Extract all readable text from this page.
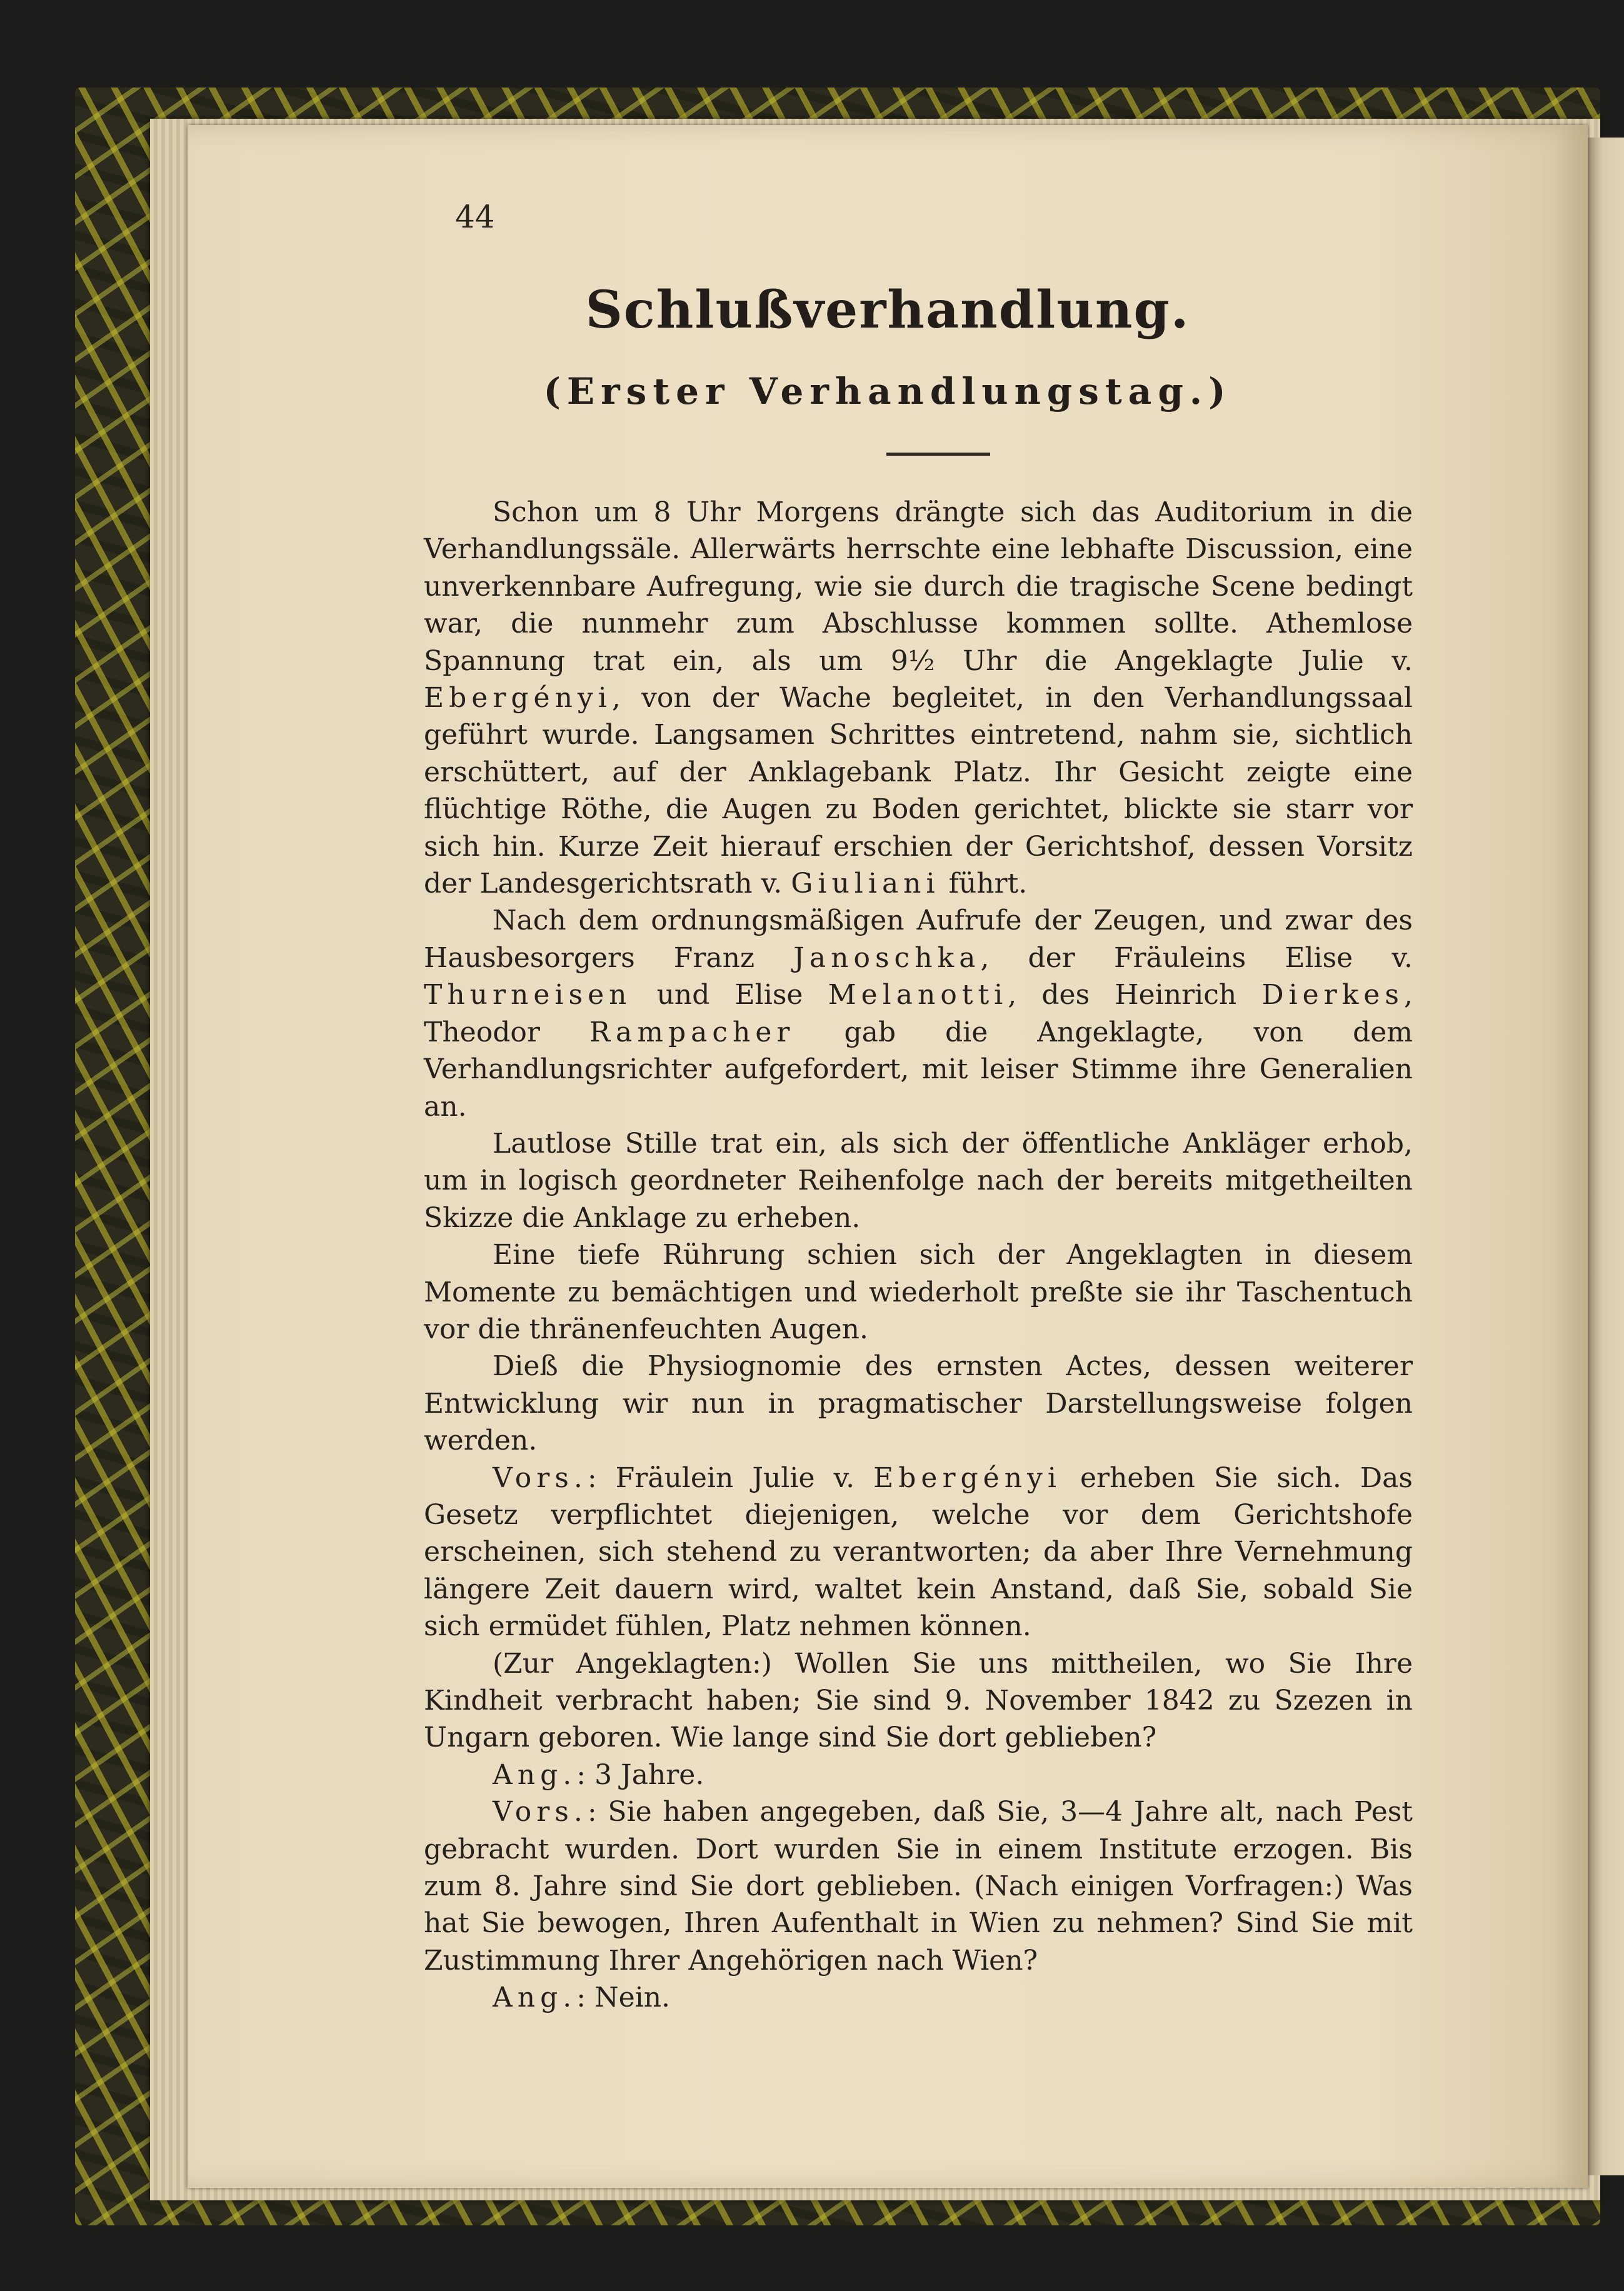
44

Schlußverhandlung.
(Erster Verhandlungstag.)

Schon um 8 Uhr Morgens drängte sich das Auditorium in die Verhandlungssäle. Allerwärts herrschte eine lebhafte Discussion, eine unverkennbare Aufregung, wie sie durch die tragische Scene bedingt war, die nunmehr zum Abschlusse kommen sollte. Athemlose Spannung trat ein, als um 9½ Uhr die Angeklagte Julie v. Ebergényi, von der Wache begleitet, in den Verhandlungssaal geführt wurde. Langsamen Schrittes eintretend, nahm sie, sichtlich erschüttert, auf der Anklagebank Platz. Ihr Gesicht zeigte eine flüchtige Röthe, die Augen zu Boden gerichtet, blickte sie starr vor sich hin. Kurze Zeit hierauf erschien der Gerichtshof, dessen Vorsitz der Landesgerichtsrath v. Giuliani führt.

Nach dem ordnungsmäßigen Aufrufe der Zeugen, und zwar des Hausbesorgers Franz Janoschka, der Fräuleins Elise v. Thurneisen und Elise Melanotti, des Heinrich Dierkes, Theodor Rampacher gab die Angeklagte, von dem Verhandlungsrichter aufgefordert, mit leiser Stimme ihre Generalien an.

Lautlose Stille trat ein, als sich der öffentliche Ankläger erhob, um in logisch geordneter Reihenfolge nach der bereits mitgetheilten Skizze die Anklage zu erheben.

Eine tiefe Rührung schien sich der Angeklagten in diesem Momente zu bemächtigen und wiederholt preßte sie ihr Taschentuch vor die thränenfeuchten Augen.

Dieß die Physiognomie des ernsten Actes, dessen weiterer Entwicklung wir nun in pragmatischer Darstellungsweise folgen werden.

Vors.: Fräulein Julie v. Ebergényi erheben Sie sich. Das Gesetz verpflichtet diejenigen, welche vor dem Gerichtshofe erscheinen, sich stehend zu verantworten; da aber Ihre Vernehmung längere Zeit dauern wird, waltet kein Anstand, daß Sie, sobald Sie sich ermüdet fühlen, Platz nehmen können.

(Zur Angeklagten:) Wollen Sie uns mittheilen, wo Sie Ihre Kindheit verbracht haben; Sie sind 9. November 1842 zu Szezen in Ungarn geboren. Wie lange sind Sie dort geblieben?

Ang.: 3 Jahre.

Vors.: Sie haben angegeben, daß Sie, 3—4 Jahre alt, nach Pest gebracht wurden. Dort wurden Sie in einem Institute erzogen. Bis zum 8. Jahre sind Sie dort geblieben. (Nach einigen Vorfragen:) Was hat Sie bewogen, Ihren Aufenthalt in Wien zu nehmen? Sind Sie mit Zustimmung Ihrer Angehörigen nach Wien?

Ang.: Nein.
